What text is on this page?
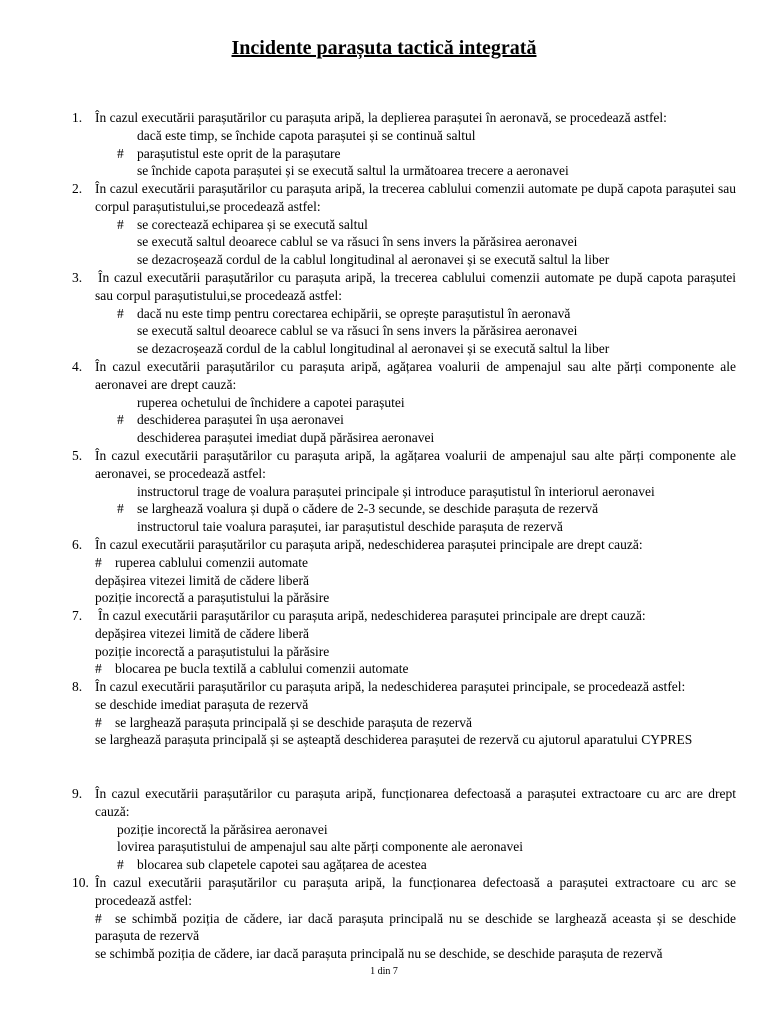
Incidente parașuta tactică integrată
1. În cazul executării parașutărilor cu parașuta aripă, la deplierea parașutei în aeronavă, se procedează astfel:
dacă este timp, se închide capota parașutei și se continuă saltul
# parașutistul este oprit de la parașutare
se închide capota parașutei și se execută saltul la următoarea trecere a aeronavei
2. În cazul executării parașutărilor cu parașuta aripă, la trecerea cablului comenzii automate pe după capota parașutei sau corpul parașutistului,se procedează astfel:
# se corectează echiparea și se execută saltul
se execută saltul deoarece cablul se va răsuci în sens invers la părăsirea aeronavei
se dezacroșează cordul de la cablul longitudinal al aeronavei și se execută saltul la liber
3. În cazul executării parașutărilor cu parașuta aripă, la trecerea cablului comenzii automate pe după capota parașutei sau corpul parașutistului,se procedează astfel:
# dacă nu este timp pentru corectarea echipării, se oprește parașutistul în aeronavă
se execută saltul deoarece cablul se va răsuci în sens invers la părăsirea aeronavei
se dezacroșează cordul de la cablul longitudinal al aeronavei și se execută saltul la liber
4. În cazul executării parașutărilor cu parașuta aripă, agățarea voalurii de ampenajul sau alte părți componente ale aeronavei are drept cauză:
ruperea ochetului de închidere a capotei parașutei
# deschiderea parașutei în ușa aeronavei
deschiderea parașutei imediat după părăsirea aeronavei
5. În cazul executării parașutărilor cu parașuta aripă, la agățarea voalurii de ampenajul sau alte părți componente ale aeronavei, se procedează astfel:
instructorul trage de voalura parașutei principale și introduce parașutistul în interiorul aeronavei
# se larghează voalura și după o cădere de 2-3 secunde, se deschide parașuta de rezervă
instructorul taie voalura parașutei, iar parașutistul deschide parașuta de rezervă
6. În cazul executării parașutărilor cu parașuta aripă, nedeschiderea parașutei principale are drept cauză:
# ruperea cablului comenzii automate
depășirea vitezei limită de cădere liberă
poziție incorectă a parașutistului la părăsire
7. În cazul executării parașutărilor cu parașuta aripă, nedeschiderea parașutei principale are drept cauză:
depășirea vitezei limită de cădere liberă
poziție incorectă a parașutistului la părăsire
# blocarea pe bucla textilă a cablului comenzii automate
8. În cazul executării parașutărilor cu parașuta aripă, la nedeschiderea parașutei principale, se procedează astfel:
se deschide imediat parașuta de rezervă
# se larghează parașuta principală și se deschide parașuta de rezervă
se larghează parașuta principală și se așteaptă deschiderea parașutei de rezervă cu ajutorul aparatului CYPRES
9. În cazul executării parașutărilor cu parașuta aripă, funcționarea defectoasă a parașutei extractoare cu arc are drept cauză:
poziție incorectă la părăsirea aeronavei
lovirea parașutistului de ampenajul sau alte părți componente ale aeronavei
# blocarea sub clapetele capotei sau agățarea de acestea
10. În cazul executării parașutărilor cu parașuta aripă, la funcționarea defectoasă a parașutei extractoare cu arc se procedează astfel:
# se schimbă poziția de cădere, iar dacă parașuta principală nu se deschide se larghează aceasta și se deschide parașuta de rezervă
se schimbă poziția de cădere, iar dacă parașuta principală nu se deschide, se deschide parașuta de rezervă
1 din 7
